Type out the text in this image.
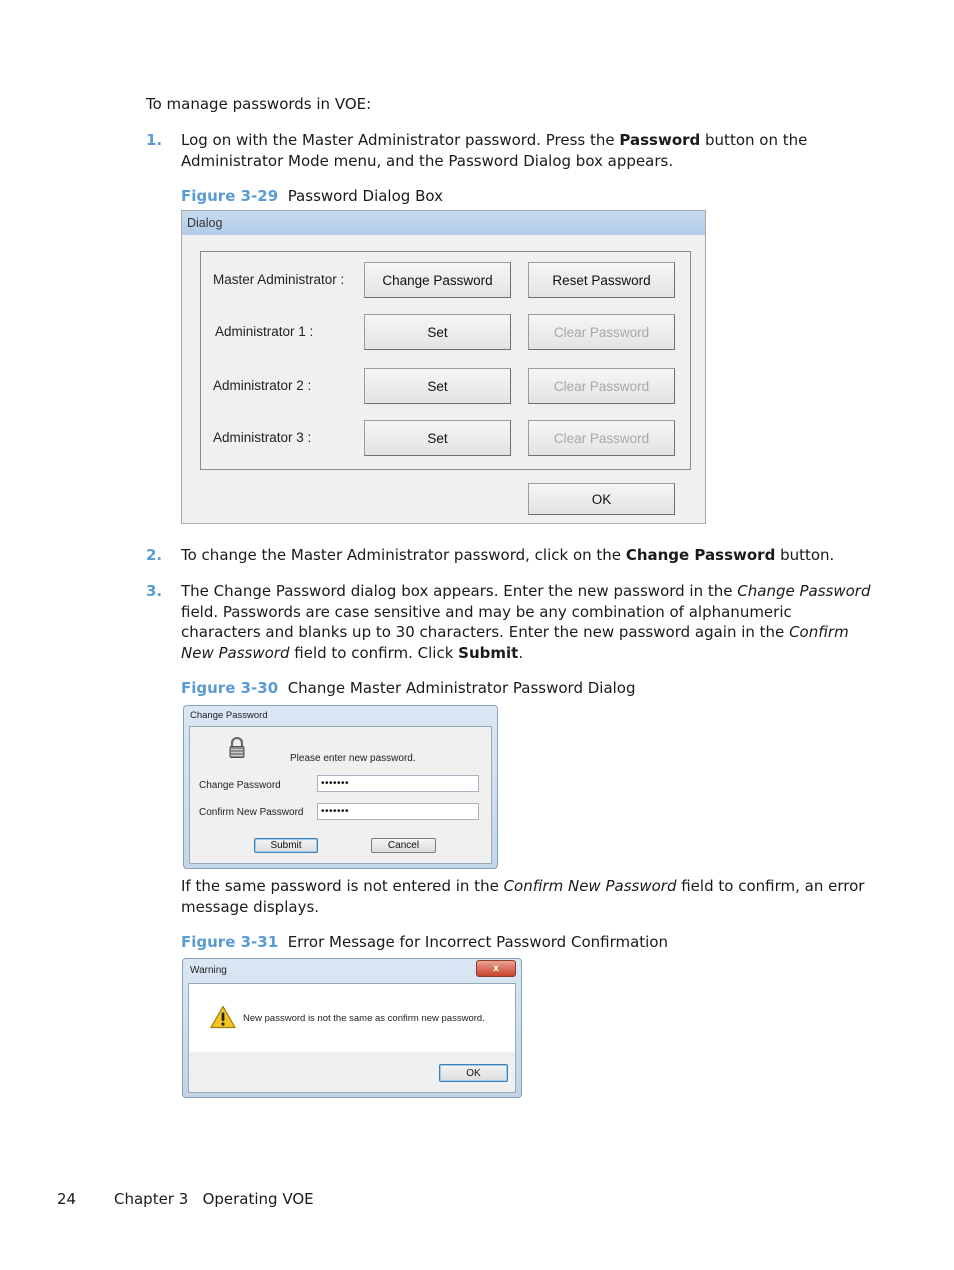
To manage passwords in VOE:
1. Log on with the Master Administrator password. Press the Password button on the Administrator Mode menu, and the Password Dialog box appears.
Figure 3-29 Password Dialog Box
Dialog
Master Administrator :	Change Password	Reset Password
Administrator 1 :	Set	Clear Password
Administrator 2 :	Set	Clear Password
Administrator 3 :	Set	Clear Password
OK
2. To change the Master Administrator password, click on the Change Password button.
3. The Change Password dialog box appears. Enter the new password in the Change Password field. Passwords are case sensitive and may be any combination of alphanumeric characters and blanks up to 30 characters. Enter the new password again in the Confirm New Password field to confirm. Click Submit.
Figure 3-30 Change Master Administrator Password Dialog
Change Password
Please enter new password.
Change Password	•••••••
Confirm New Password	•••••••
Submit	Cancel
If the same password is not entered in the Confirm New Password field to confirm, an error message displays.
Figure 3-31 Error Message for Incorrect Password Confirmation
Warning	x
New password is not the same as confirm new password.
OK
24	Chapter 3   Operating VOE
